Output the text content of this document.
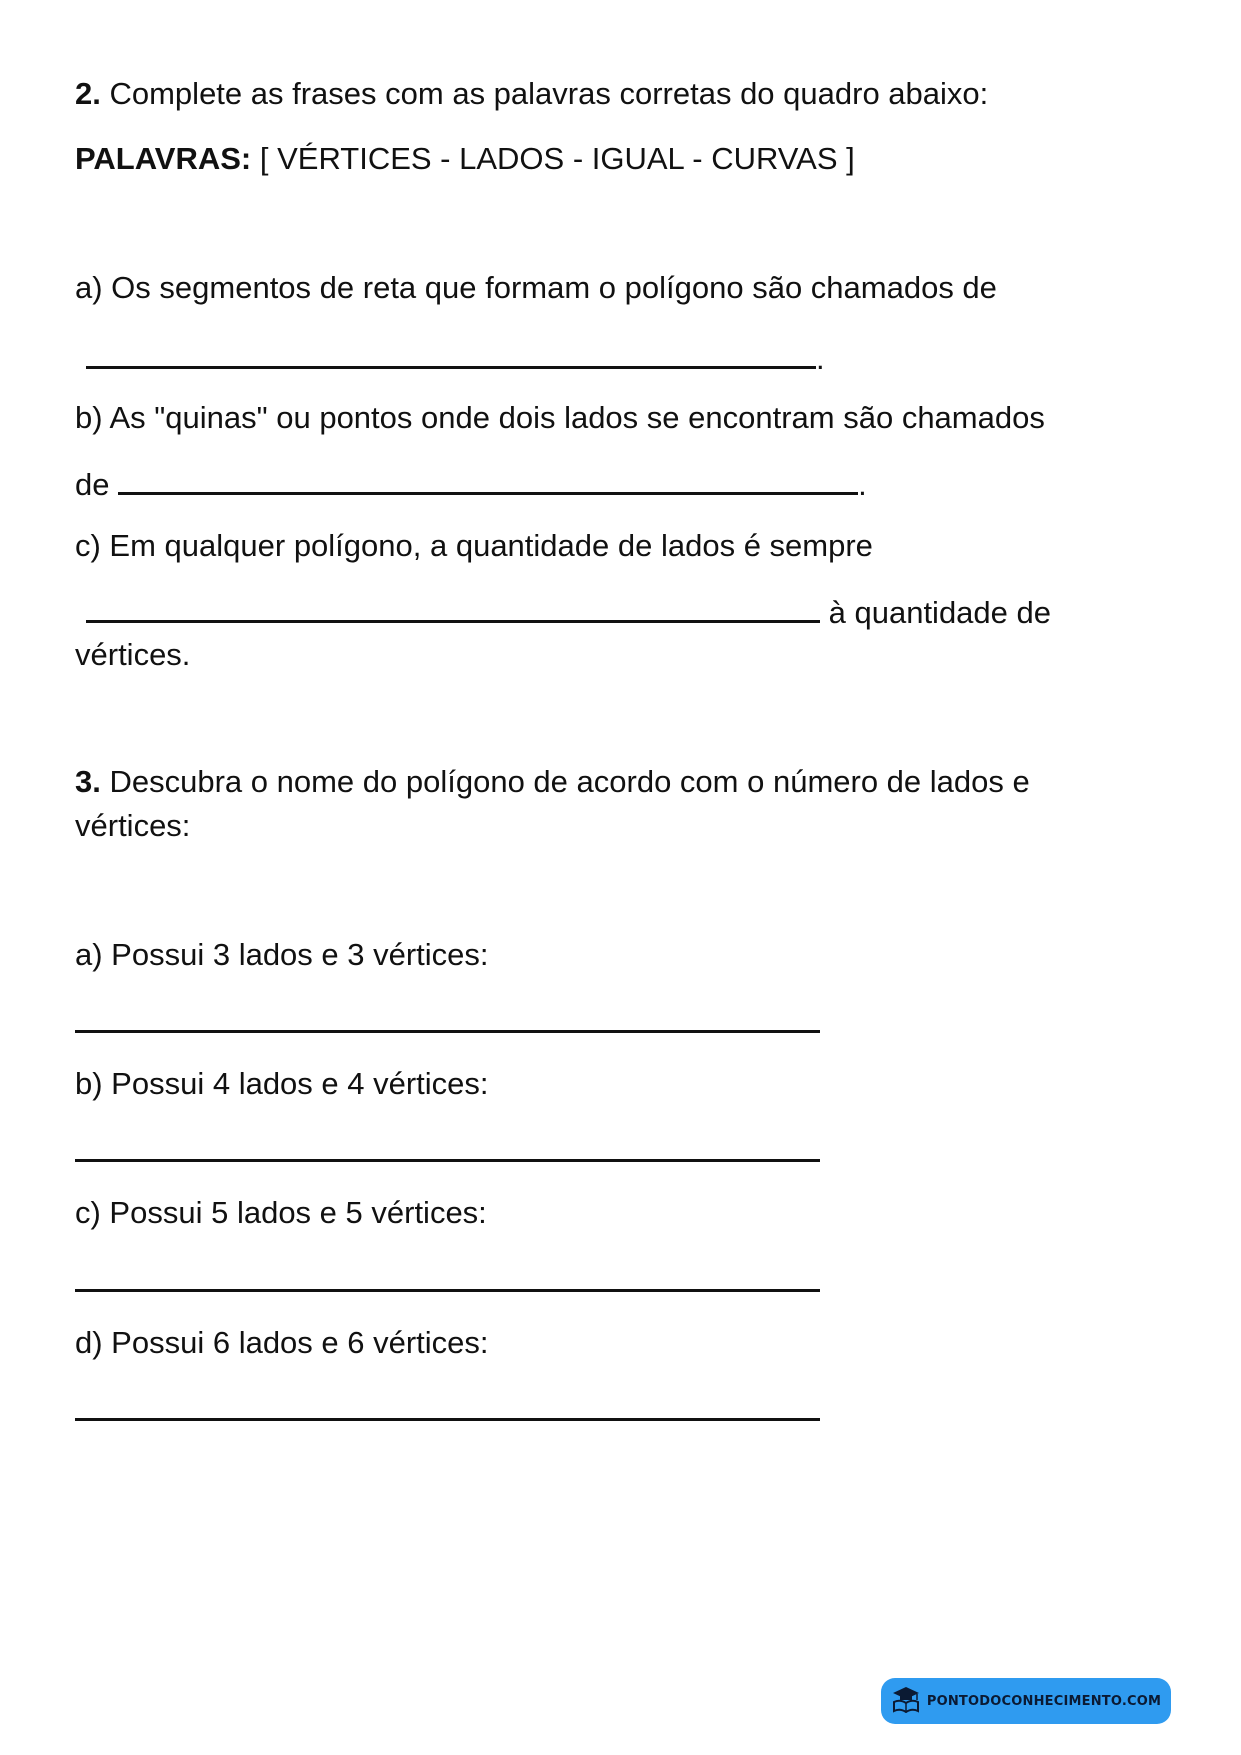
2. Complete as frases com as palavras corretas do quadro abaixo:
PALAVRAS: [ VÉRTICES - LADOS - IGUAL - CURVAS ]
a) Os segmentos de reta que formam o polígono são chamados de
.
b) As "quinas" ou pontos onde dois lados se encontram são chamados
de	.
c) Em qualquer polígono, a quantidade de lados é sempre
à quantidade de
vértices.
3. Descubra o nome do polígono de acordo com o número de lados e
vértices:
a) Possui 3 lados e 3 vértices:
b) Possui 4 lados e 4 vértices:
c) Possui 5 lados e 5 vértices:
d) Possui 6 lados e 6 vértices:
PONTODOCONHECIMENTO.COM
